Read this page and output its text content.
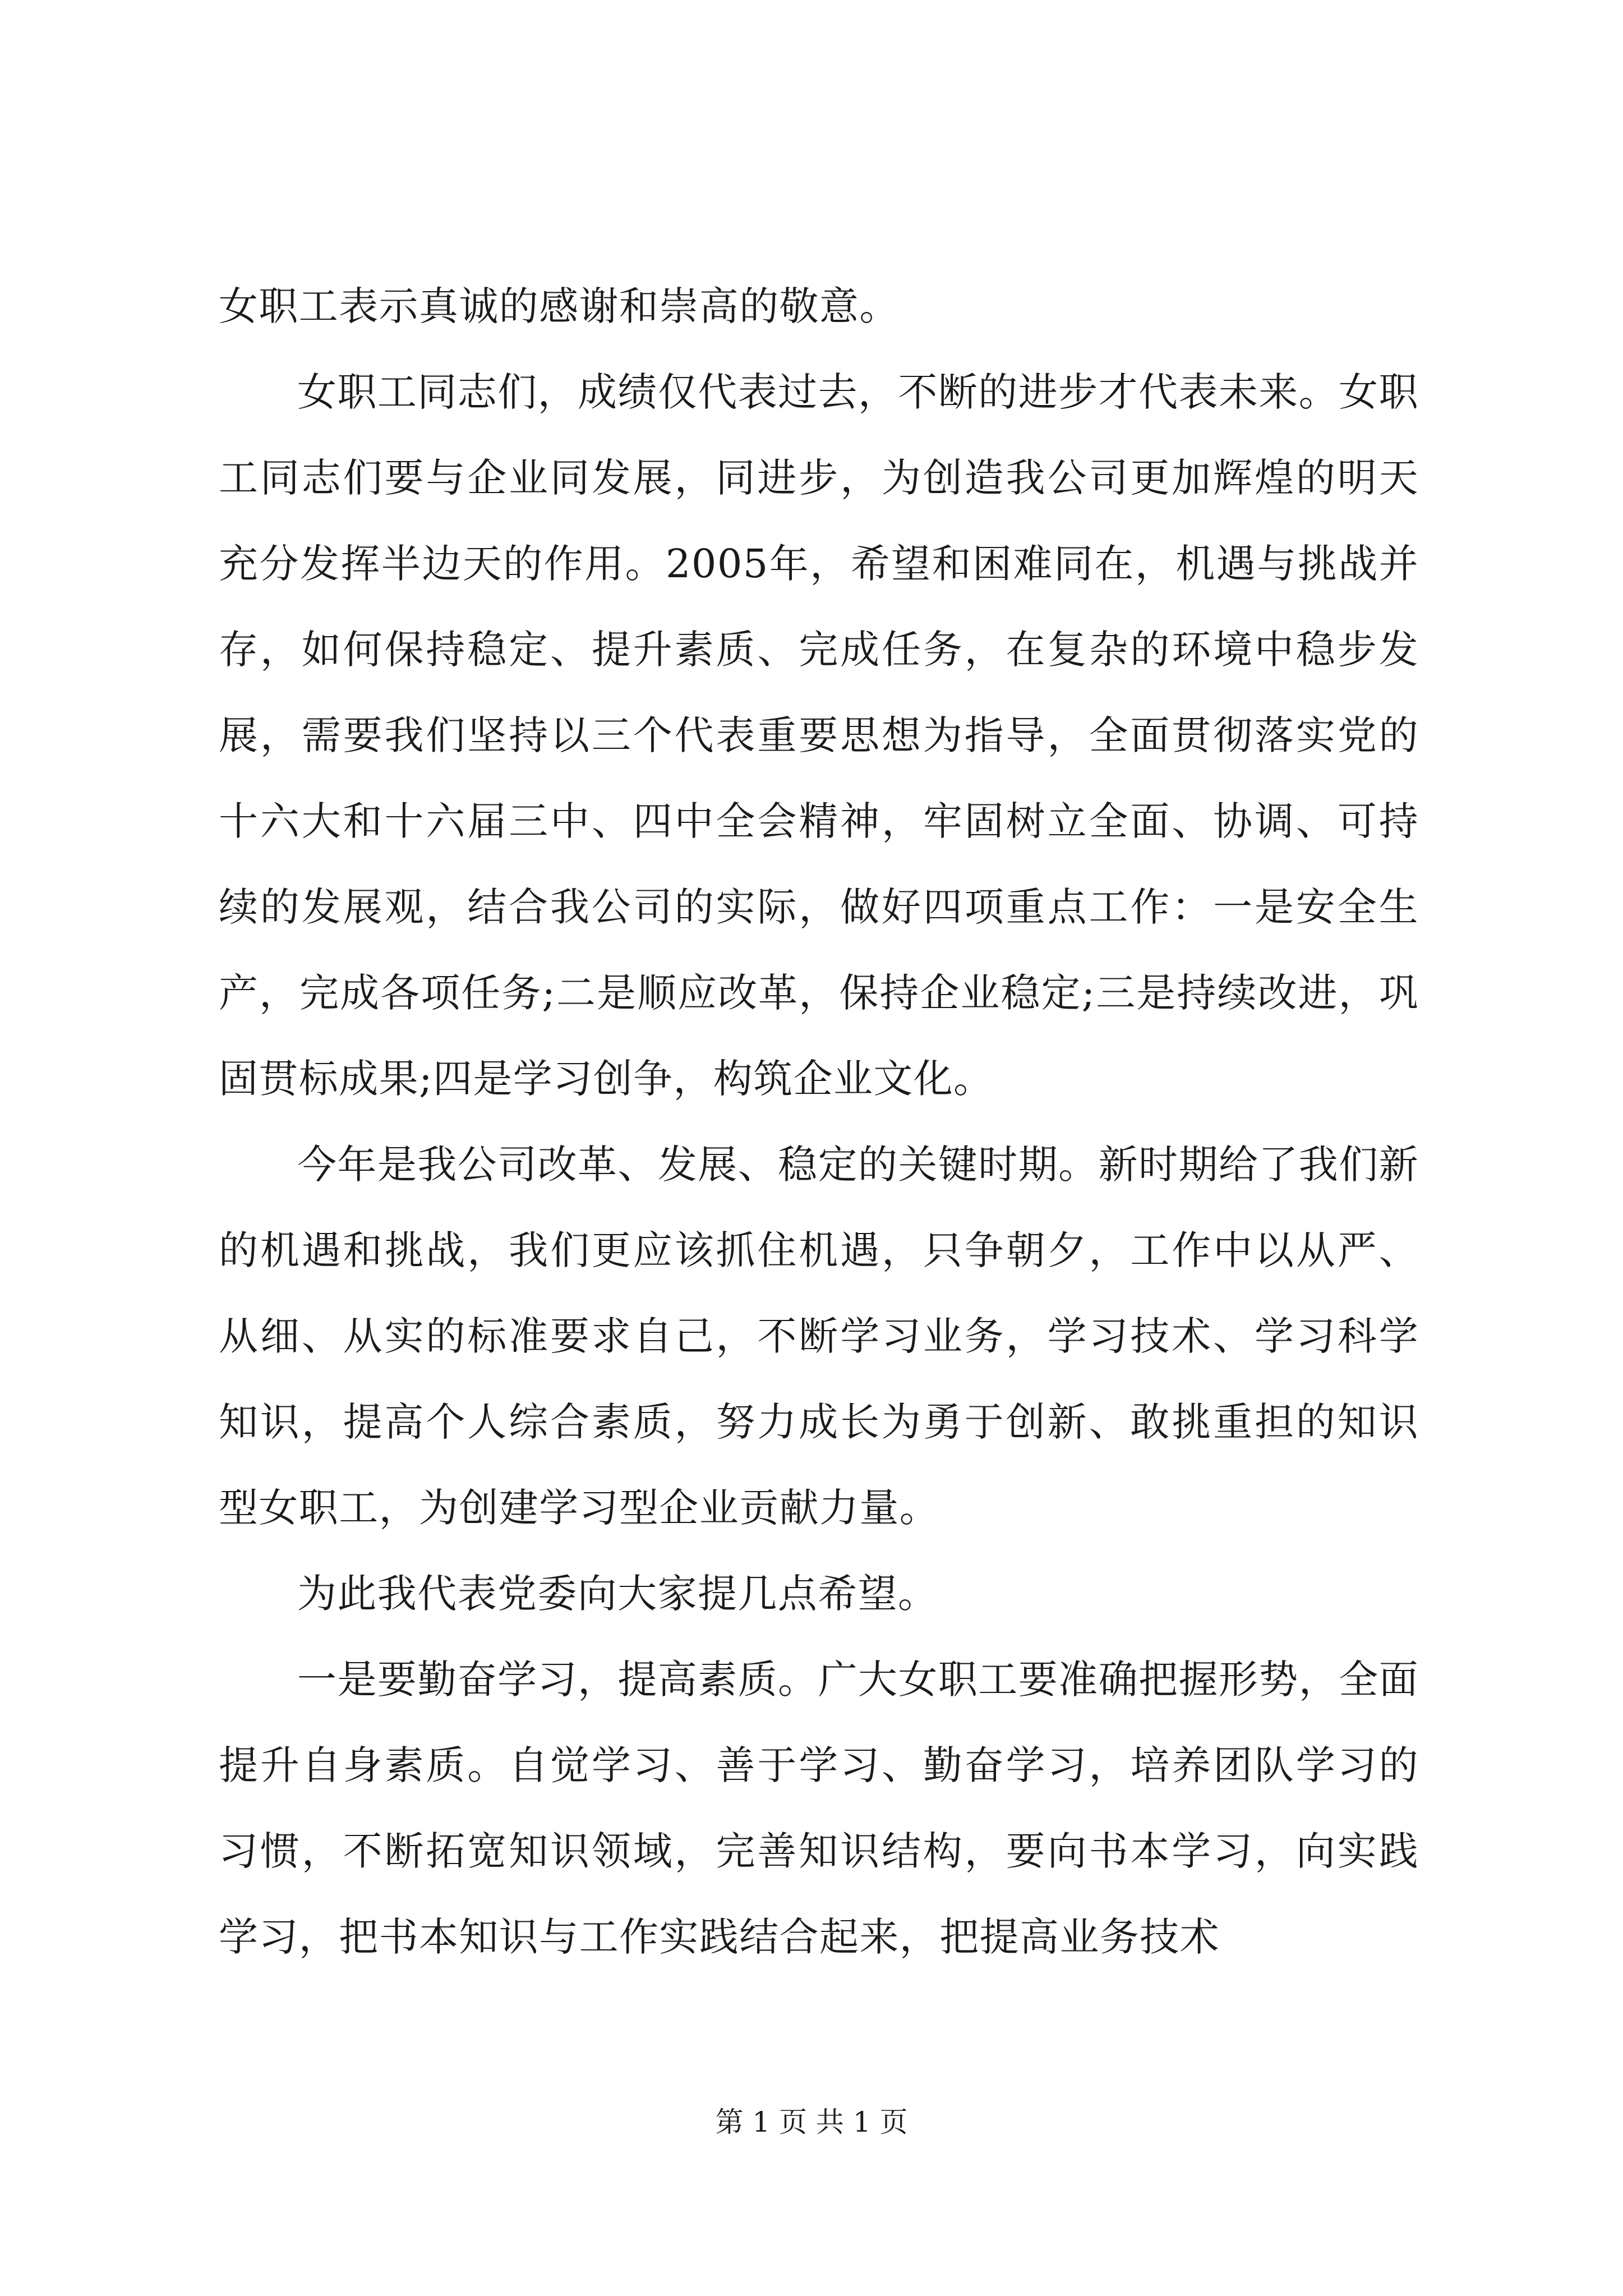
女职工表示真诚的感谢和崇高的敬意。

女职工同志们，成绩仅代表过去，不断的进步才代表未来。女职工同志们要与企业同发展，同进步，为创造我公司更加辉煌的明天充分发挥半边天的作用。2005年，希望和困难同在，机遇与挑战并存，如何保持稳定、提升素质、完成任务，在复杂的环境中稳步发展，需要我们坚持以三个代表重要思想为指导，全面贯彻落实党的十六大和十六届三中、四中全会精神，牢固树立全面、协调、可持续的发展观，结合我公司的实际，做好四项重点工作：一是安全生产，完成各项任务;二是顺应改革，保持企业稳定;三是持续改进，巩固贯标成果;四是学习创争，构筑企业文化。

今年是我公司改革、发展、稳定的关键时期。新时期给了我们新的机遇和挑战，我们更应该抓住机遇，只争朝夕，工作中以从严、从细、从实的标准要求自己，不断学习业务，学习技术、学习科学知识，提高个人综合素质，努力成长为勇于创新、敢挑重担的知识型女职工，为创建学习型企业贡献力量。

为此我代表党委向大家提几点希望。

一是要勤奋学习，提高素质。广大女职工要准确把握形势，全面提升自身素质。自觉学习、善于学习、勤奋学习，培养团队学习的习惯，不断拓宽知识领域，完善知识结构，要向书本学习，向实践学习，把书本知识与工作实践结合起来，把提高业务技术

第 1 页 共 1 页
